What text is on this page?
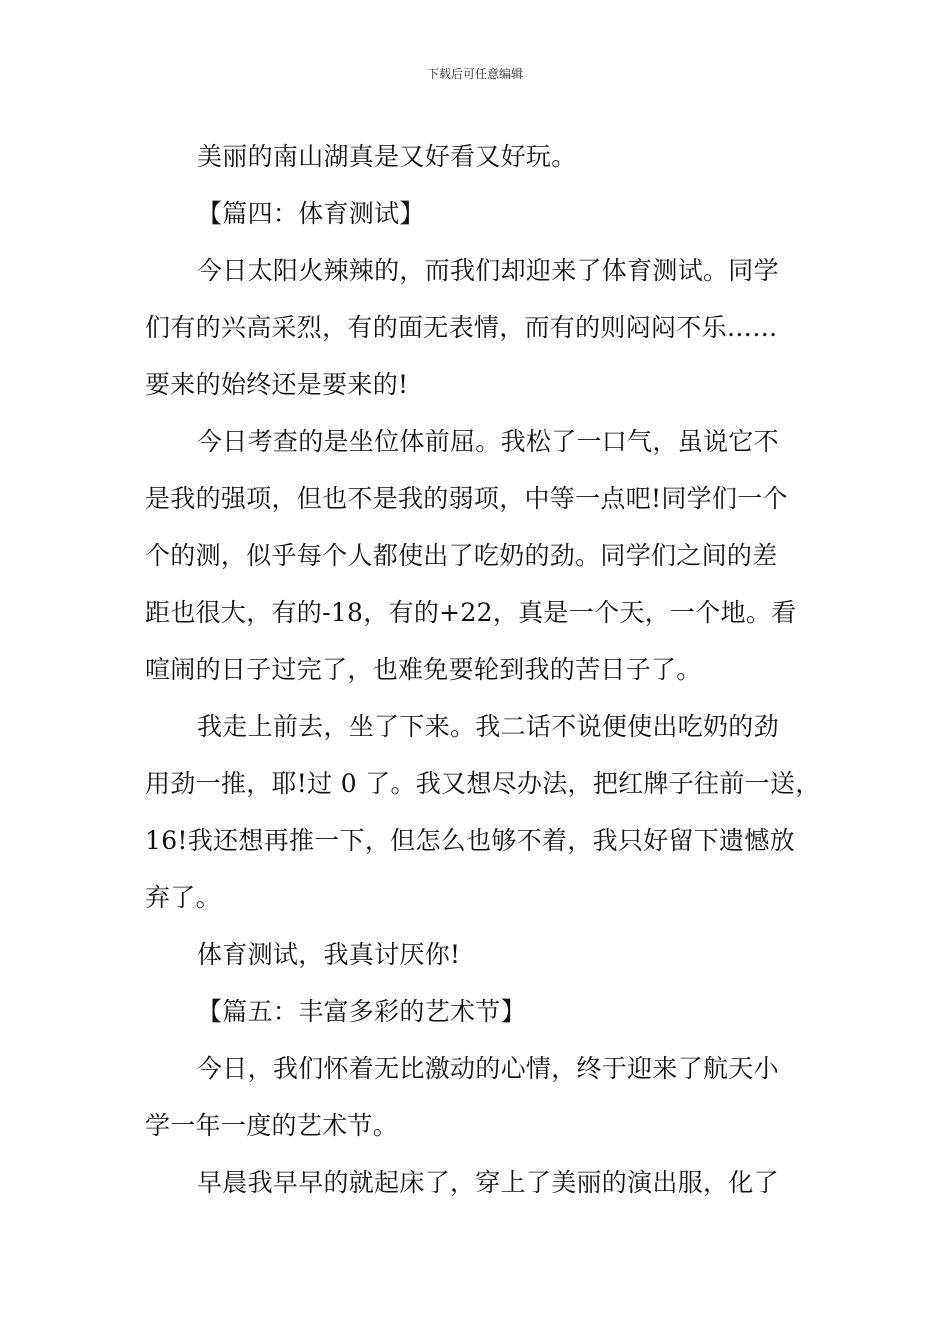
下载后可任意编辑
美丽的南山湖真是又好看又好玩。
【篇四：体育测试】
今日太阳火辣辣的，而我们却迎来了体育测试。同学
们有的兴高采烈，有的面无表情，而有的则闷闷不乐……
要来的始终还是要来的!
今日考查的是坐位体前屈。我松了一口气，虽说它不
是我的强项，但也不是我的弱项，中等一点吧!同学们一个
个的测，似乎每个人都使出了吃奶的劲。同学们之间的差
距也很大，有的-18，有的+22，真是一个天，一个地。看
喧闹的日子过完了，也难免要轮到我的苦日子了。
我走上前去，坐了下来。我二话不说便使出吃奶的劲
用劲一推，耶!过 0 了。我又想尽办法，把红牌子往前一送，
16!我还想再推一下，但怎么也够不着，我只好留下遗憾放
弃了。
体育测试，我真讨厌你!
【篇五：丰富多彩的艺术节】
今日，我们怀着无比激动的心情，终于迎来了航天小
学一年一度的艺术节。
早晨我早早的就起床了，穿上了美丽的演出服，化了
